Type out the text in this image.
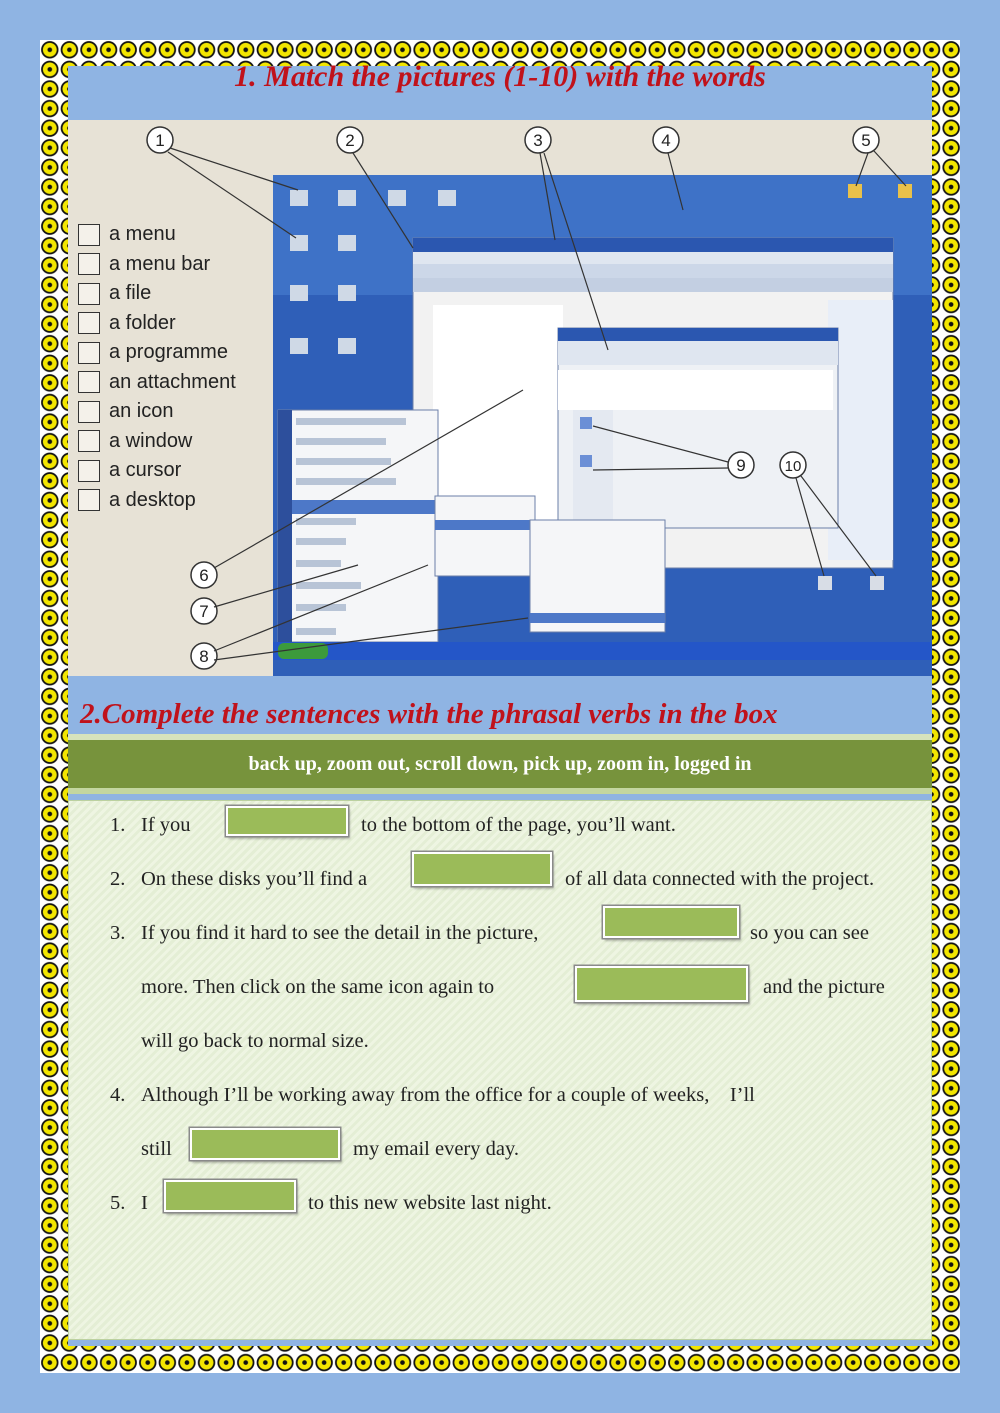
1. Match the pictures (1-10) with the words
1	2	3	4	5
6
7
8
9	10
a menu
a menu bar
a file
a folder
a programme
an attachment
an icon
a window
a cursor
a desktop
2.Complete the sentences with the phrasal verbs in the box
back up, zoom out, scroll down, pick up, zoom in, logged in
1. If you	to the bottom of the page, you’ll want.
2. On these disks you’ll find a	of all data connected with the project.
3. If you find it hard to see the detail in the picture,	so you can see
more. Then click on the same icon again to	and the picture
will go back to normal size.
4. Although I’ll be working away from the office for a couple of weeks,    I’ll
still	my email every day.
5. I	to this new website last night.
